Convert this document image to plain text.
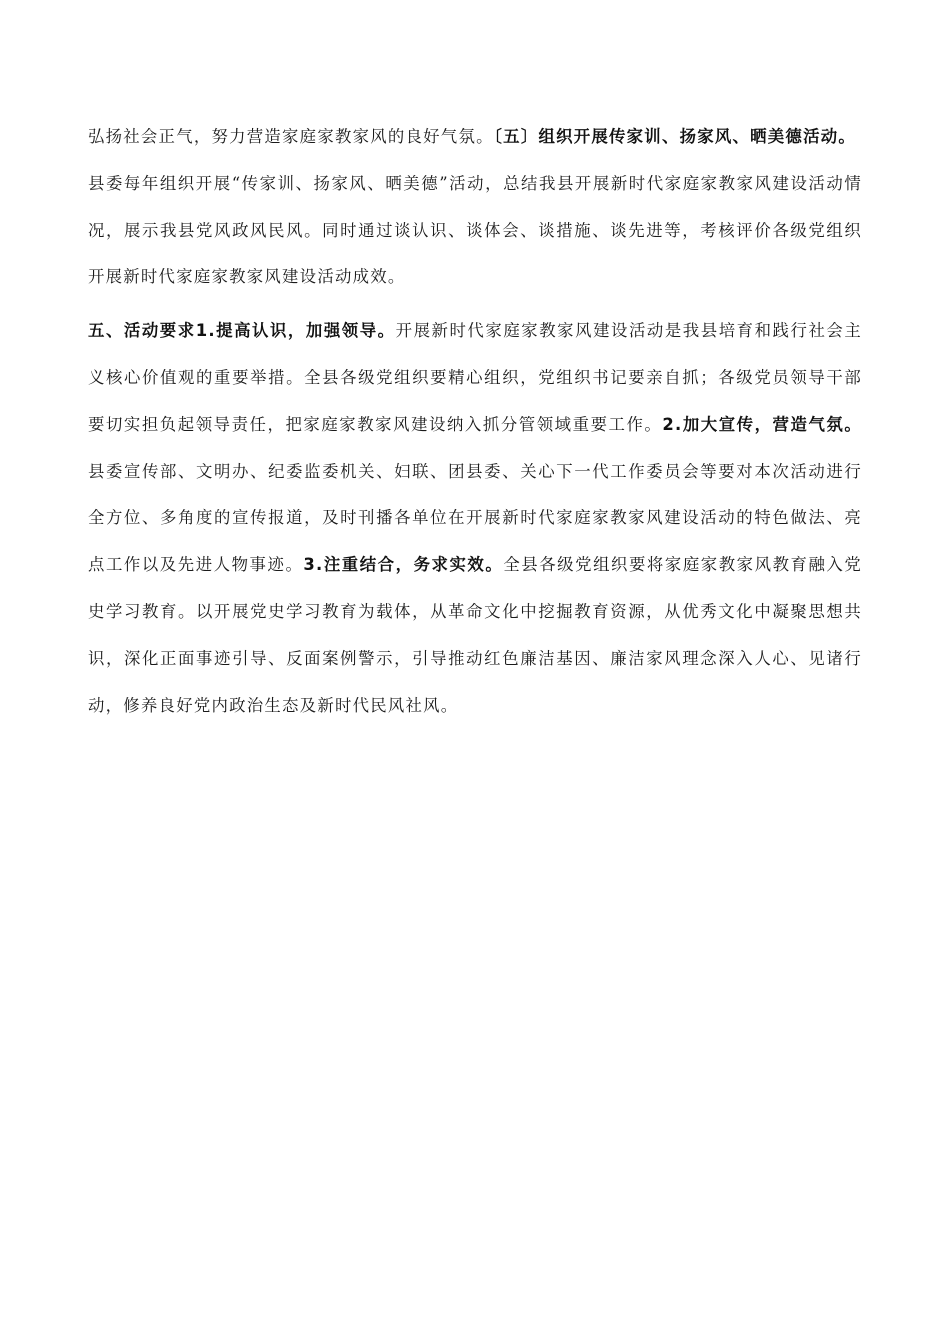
弘扬社会正气，努力营造家庭家教家风的良好气氛。〔五〕组织开展传家训、扬家风、晒美德活动。

县委每年组织开展“传家训、扬家风、晒美德”活动，总结我县开展新时代家庭家教家风建设活动情况，展示我县党风政风民风。同时通过谈认识、谈体会、谈措施、谈先进等，考核评价各级党组织开展新时代家庭家教家风建设活动成效。

五、活动要求1.提高认识，加强领导。开展新时代家庭家教家风建设活动是我县培育和践行社会主义核心价值观的重要举措。全县各级党组织要精心组织，党组织书记要亲自抓；各级党员领导干部要切实担负起领导责任，把家庭家教家风建设纳入抓分管领域重要工作。2.加大宣传，营造气氛。县委宣传部、文明办、纪委监委机关、妇联、团县委、关心下一代工作委员会等要对本次活动进行全方位、多角度的宣传报道，及时刊播各单位在开展新时代家庭家教家风建设活动的特色做法、亮点工作以及先进人物事迹。3.注重结合，务求实效。全县各级党组织要将家庭家教家风教育融入党史学习教育。以开展党史学习教育为载体，从革命文化中挖掘教育资源，从优秀文化中凝聚思想共识，深化正面事迹引导、反面案例警示，引导推动红色廉洁基因、廉洁家风理念深入人心、见诸行动，修养良好党内政治生态及新时代民风社风。
